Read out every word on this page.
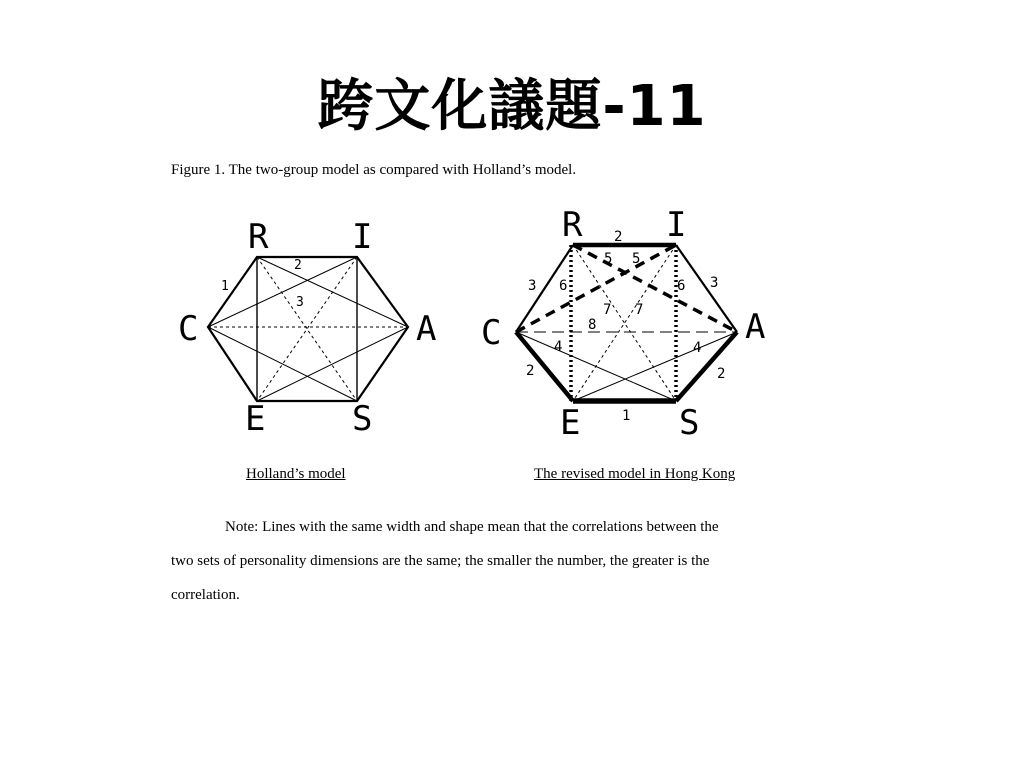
跨文化議題-11
Figure 1. The two-group model as compared with Holland’s model.
R I
C	A
E	S
1
2
3
R I
C	A
E	S
2
5 5
3 6	6 3
7 7
8
4	4
2	2
1
Holland’s model	The revised model in Hong Kong
Note: Lines with the same width and shape mean that the correlations between the
two sets of personality dimensions are the same; the smaller the number, the greater is the
correlation.
